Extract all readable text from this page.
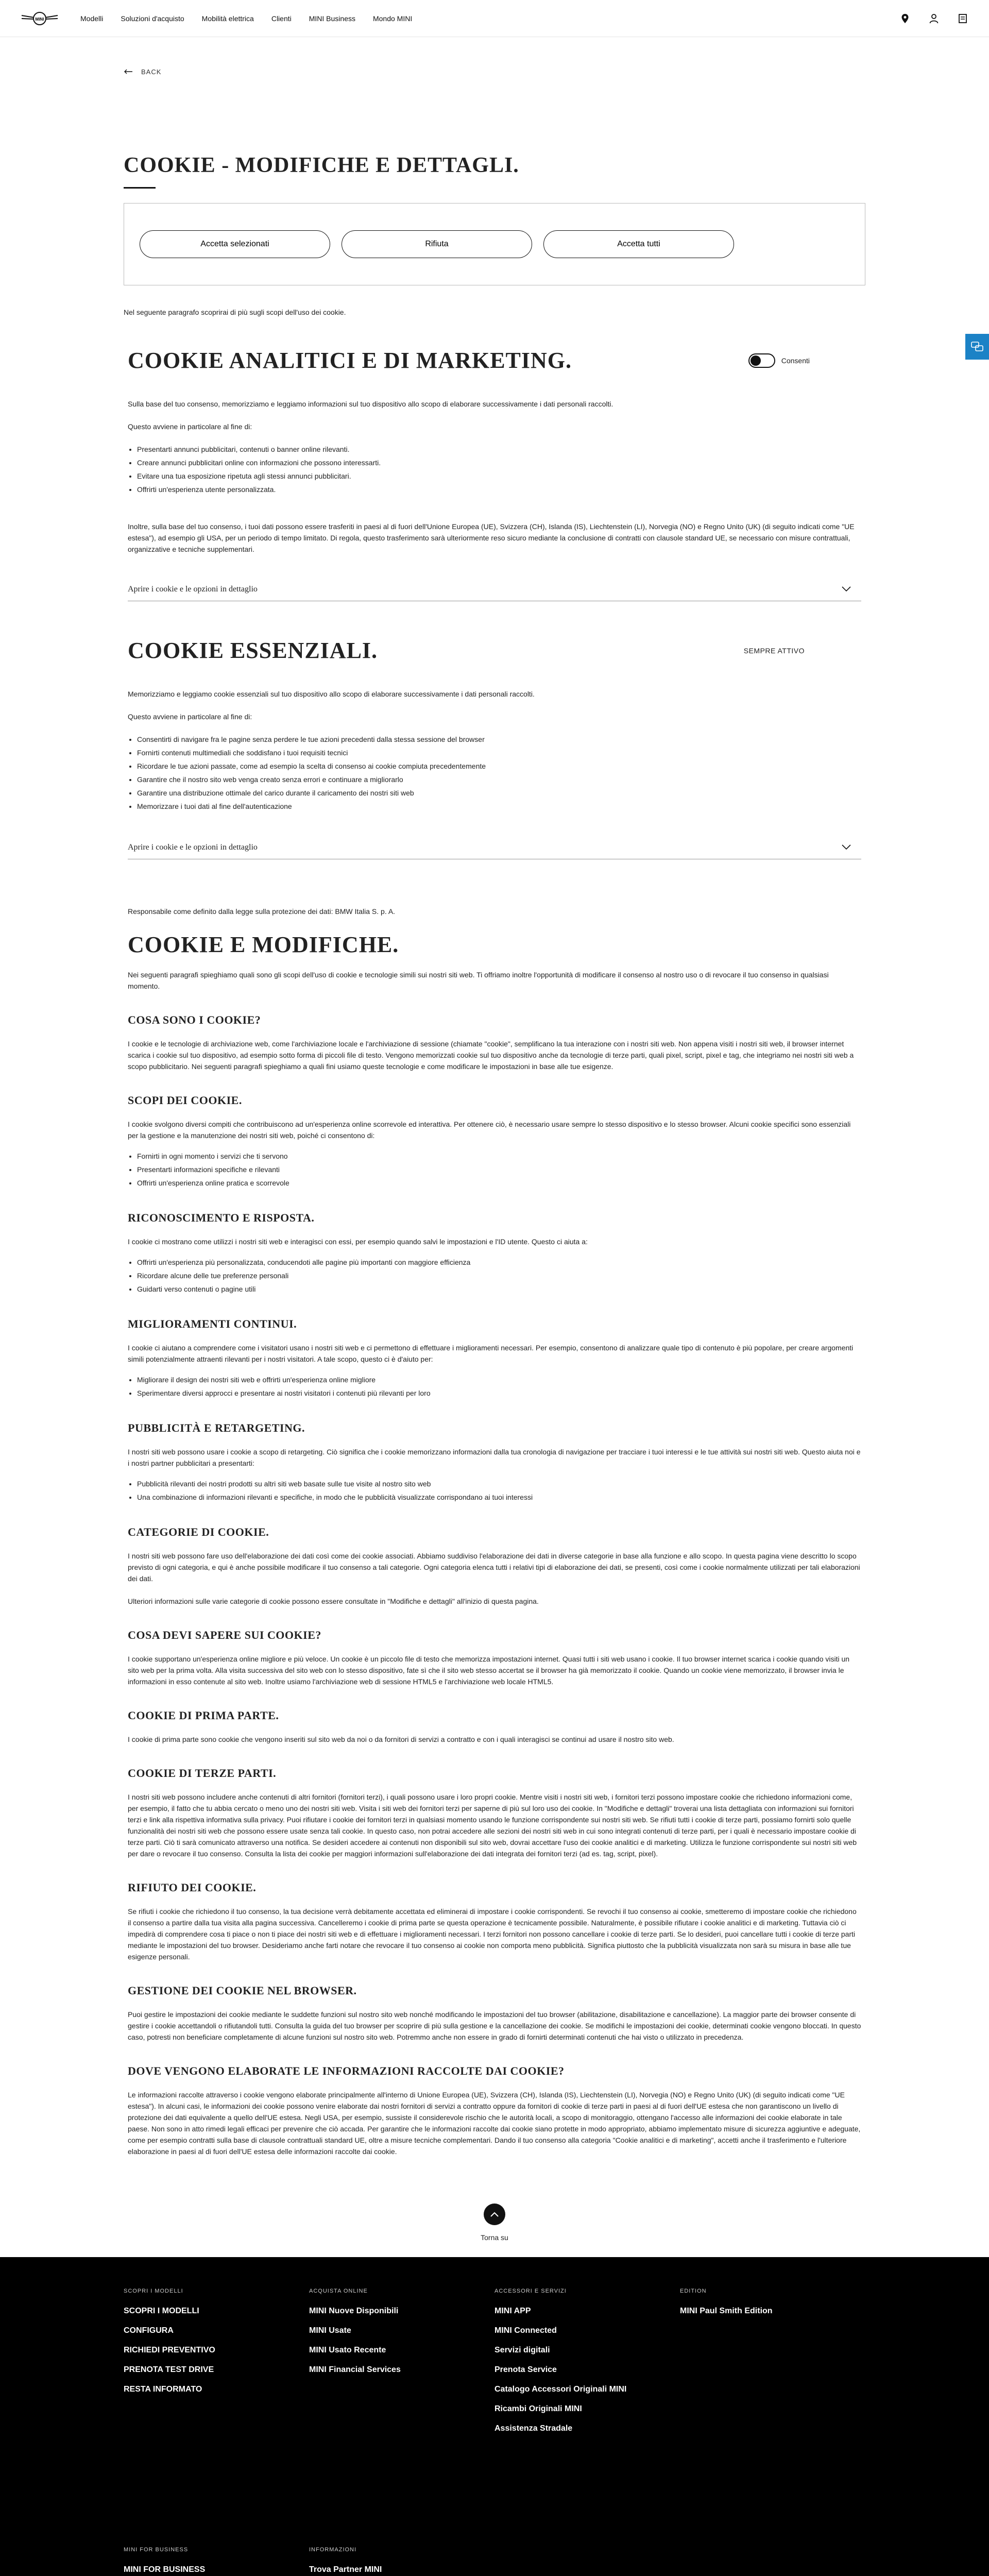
MINI	Modelli Soluzioni d'acquisto Mobilità elettrica Clienti MINI Business Mondo MINI
BACK
COOKIE - MODIFICHE E DETTAGLI.
Accetta selezionati	Rifiuta	Accetta tutti

Nel seguente paragrafo scoprirai di più sugli scopi dell'uso dei cookie.

COOKIE ANALITICI E DI MARKETING.	Consenti

Sulla base del tuo consenso, memorizziamo e leggiamo informazioni sul tuo dispositivo allo scopo di elaborare successivamente i dati personali raccolti.

Questo avviene in particolare al fine di:

• Presentarti annunci pubblicitari, contenuti o banner online rilevanti.
• Creare annunci pubblicitari online con informazioni che possono interessarti.
• Evitare una tua esposizione ripetuta agli stessi annunci pubblicitari.
• Offrirti un'esperienza utente personalizzata.

Inoltre, sulla base del tuo consenso, i tuoi dati possono essere trasferiti in paesi al di fuori dell'Unione Europea (UE), Svizzera (CH), Islanda (IS), Liechtenstein (LI), Norvegia (NO) e Regno Unito (UK) (di seguito indicati come "UE estesa"), ad esempio gli USA, per un periodo di tempo limitato. Di regola, questo trasferimento sarà ulteriormente reso sicuro mediante la conclusione di contratti con clausole standard UE, se necessario con misure contrattuali, organizzative e tecniche supplementari.

Aprire i cookie e le opzioni in dettaglio
COOKIE ESSENZIALI.	SEMPRE ATTIVO

Memorizziamo e leggiamo cookie essenziali sul tuo dispositivo allo scopo di elaborare successivamente i dati personali raccolti.

Questo avviene in particolare al fine di:

• Consentirti di navigare fra le pagine senza perdere le tue azioni precedenti dalla stessa sessione del browser
• Fornirti contenuti multimediali che soddisfano i tuoi requisiti tecnici
• Ricordare le tue azioni passate, come ad esempio la scelta di consenso ai cookie compiuta precedentemente
• Garantire che il nostro sito web venga creato senza errori e continuare a migliorarlo
• Garantire una distribuzione ottimale del carico durante il caricamento dei nostri siti web
• Memorizzare i tuoi dati al fine dell'autenticazione
Aprire i cookie e le opzioni in dettaglio

Responsabile come definito dalla legge sulla protezione dei dati: BMW Italia S. p. A.

COOKIE E MODIFICHE.

Nei seguenti paragrafi spieghiamo quali sono gli scopi dell'uso di cookie e tecnologie simili sui nostri siti web. Ti offriamo inoltre l'opportunità di modificare il consenso al nostro uso o di revocare il tuo consenso in qualsiasi momento.

COSA SONO I COOKIE?

I cookie e le tecnologie di archiviazione web, come l'archiviazione locale e l'archiviazione di sessione (chiamate "cookie", semplificano la tua interazione con i nostri siti web. Non appena visiti i nostri siti web, il browser internet scarica i cookie sul tuo dispositivo, ad esempio sotto forma di piccoli file di testo. Vengono memorizzati cookie sul tuo dispositivo anche da tecnologie di terze parti, quali pixel, script, pixel e tag, che integriamo nei nostri siti web a scopo pubblicitario. Nei seguenti paragrafi spieghiamo a quali fini usiamo queste tecnologie e come modificare le impostazioni in base alle tue esigenze.

SCOPI DEI COOKIE.

I cookie svolgono diversi compiti che contribuiscono ad un'esperienza online scorrevole ed interattiva. Per ottenere ciò, è necessario usare sempre lo stesso dispositivo e lo stesso browser. Alcuni cookie specifici sono essenziali per la gestione e la manutenzione dei nostri siti web, poiché ci consentono di:

• Fornirti in ogni momento i servizi che ti servono
• Presentarti informazioni specifiche e rilevanti
• Offrirti un'esperienza online pratica e scorrevole
RICONOSCIMENTO E RISPOSTA.

I cookie ci mostrano come utilizzi i nostri siti web e interagisci con essi, per esempio quando salvi le impostazioni e l'ID utente. Questo ci aiuta a:

• Offrirti un'esperienza più personalizzata, conducendoti alle pagine più importanti con maggiore efficienza
• Ricordare alcune delle tue preferenze personali
• Guidarti verso contenuti o pagine utili
MIGLIORAMENTI CONTINUI.

I cookie ci aiutano a comprendere come i visitatori usano i nostri siti web e ci permettono di effettuare i miglioramenti necessari. Per esempio, consentono di analizzare quale tipo di contenuto è più popolare, per creare argomenti simili potenzialmente attraenti rilevanti per i nostri visitatori. A tale scopo, questo ci è d'aiuto per:

• Migliorare il design dei nostri siti web e offrirti un'esperienza online migliore
• Sperimentare diversi approcci e presentare ai nostri visitatori i contenuti più rilevanti per loro
PUBBLICITÀ E RETARGETING.

I nostri siti web possono usare i cookie a scopo di retargeting. Ciò significa che i cookie memorizzano informazioni dalla tua cronologia di navigazione per tracciare i tuoi interessi e le tue attività sui nostri siti web. Questo aiuta noi e i nostri partner pubblicitari a presentarti:

• Pubblicità rilevanti dei nostri prodotti su altri siti web basate sulle tue visite al nostro sito web
• Una combinazione di informazioni rilevanti e specifiche, in modo che le pubblicità visualizzate corrispondano ai tuoi interessi
CATEGORIE DI COOKIE.

I nostri siti web possono fare uso dell'elaborazione dei dati così come dei cookie associati. Abbiamo suddiviso l'elaborazione dei dati in diverse categorie in base alla funzione e allo scopo. In questa pagina viene descritto lo scopo previsto di ogni categoria, e qui è anche possibile modificare il tuo consenso a tali categorie. Ogni categoria elenca tutti i relativi tipi di elaborazione dei dati, se presenti, così come i cookie normalmente utilizzati per tali elaborazioni dei dati.

Ulteriori informazioni sulle varie categorie di cookie possono essere consultate in "Modifiche e dettagli" all'inizio di questa pagina.

COSA DEVI SAPERE SUI COOKIE?

I cookie supportano un'esperienza online migliore e più veloce. Un cookie è un piccolo file di testo che memorizza impostazioni internet. Quasi tutti i siti web usano i cookie. Il tuo browser internet scarica i cookie quando visiti un sito web per la prima volta. Alla visita successiva del sito web con lo stesso dispositivo, fate sì che il sito web stesso accertat se il browser ha già memorizzato il cookie. Quando un cookie viene memorizzato, il browser invia le informazioni in esso contenute al sito web. Inoltre usiamo l'archiviazione web di sessione HTML5 e l'archiviazione web locale HTML5.

COOKIE DI PRIMA PARTE.

I cookie di prima parte sono cookie che vengono inseriti sul sito web da noi o da fornitori di servizi a contratto e con i quali interagisci se continui ad usare il nostro sito web.

COOKIE DI TERZE PARTI.

I nostri siti web possono includere anche contenuti di altri fornitori (fornitori terzi), i quali possono usare i loro propri cookie. Mentre visiti i nostri siti web, i fornitori terzi possono impostare cookie che richiedono informazioni come, per esempio, il fatto che tu abbia cercato o meno uno dei nostri siti web. Visita i siti web dei fornitori terzi per saperne di più sul loro uso dei cookie. In "Modifiche e dettagli" troverai una lista dettagliata con informazioni sui fornitori terzi e link alla rispettiva informativa sulla privacy. Puoi rifiutare i cookie dei fornitori terzi in qualsiasi momento usando le funzione corrispondente sui nostri siti web. Se rifiuti tutti i cookie di terze parti, possiamo fornirti solo quelle funzionalità dei nostri siti web che possono essere usate senza tali cookie. In questo caso, non potrai accedere alle sezioni dei nostri siti web in cui sono integrati contenuti di terze parti, per i quali è necessario impostare cookie di terze parti. Ciò ti sarà comunicato attraverso una notifica. Se desideri accedere ai contenuti non disponibili sul sito web, dovrai accettare l'uso dei cookie analitici e di marketing. Utilizza le funzione corrispondente sui nostri siti web per dare o revocare il tuo consenso. Consulta la lista dei cookie per maggiori informazioni sull'elaborazione dei dati integrata dei fornitori terzi (ad es. tag, script, pixel).

RIFIUTO DEI COOKIE.

Se rifiuti i cookie che richiedono il tuo consenso, la tua decisione verrà debitamente accettata ed eliminerai di impostare i cookie corrispondenti. Se revochi il tuo consenso ai cookie, smetteremo di impostare cookie che richiedono il consenso a partire dalla tua visita alla pagina successiva. Cancelleremo i cookie di prima parte se questa operazione è tecnicamente possibile. Naturalmente, è possibile rifiutare i cookie analitici e di marketing. Tuttavia ciò ci impedirà di comprendere cosa ti piace o non ti piace dei nostri siti web e di effettuare i miglioramenti necessari. I terzi fornitori non possono cancellare i cookie di terze parti. Se lo desideri, puoi cancellare tutti i cookie di terze parti mediante le impostazioni del tuo browser. Desideriamo anche farti notare che revocare il tuo consenso ai cookie non comporta meno pubblicità. Significa piuttosto che la pubblicità visualizzata non sarà su misura in base alle tue esigenze personali.

GESTIONE DEI COOKIE NEL BROWSER.

Puoi gestire le impostazioni dei cookie mediante le suddette funzioni sul nostro sito web nonché modificando le impostazioni del tuo browser (abilitazione, disabilitazione e cancellazione). La maggior parte dei browser consente di gestire i cookie accettandoli o rifiutandoli tutti. Consulta la guida del tuo browser per scoprire di più sulla gestione e la cancellazione dei cookie. Se modifichi le impostazioni dei cookie, determinati cookie vengono bloccati. In questo caso, potresti non beneficiare completamente di alcune funzioni sul nostro sito web. Potremmo anche non essere in grado di fornirti determinati contenuti che hai visto o utilizzato in precedenza.

DOVE VENGONO ELABORATE LE INFORMAZIONI RACCOLTE DAI COOKIE?

Le informazioni raccolte attraverso i cookie vengono elaborate principalmente all'interno di Unione Europea (UE), Svizzera (CH), Islanda (IS), Liechtenstein (LI), Norvegia (NO) e Regno Unito (UK) (di seguito indicati come "UE estesa"). In alcuni casi, le informazioni dei cookie possono venire elaborate dai nostri fornitori di servizi a contratto oppure da fornitori di cookie di terze parti in paesi al di fuori dell'UE estesa che non garantiscono un livello di protezione dei dati equivalente a quello dell'UE estesa. Negli USA, per esempio, sussiste il considerevole rischio che le autorità locali, a scopo di monitoraggio, ottengano l'accesso alle informazioni dei cookie elaborate in tale paese. Non sono in atto rimedi legali efficaci per prevenire che ciò accada. Per garantire che le informazioni raccolte dai cookie siano protette in modo appropriato, abbiamo implementato misure di sicurezza aggiuntive e adeguate, come per esempio contratti sulla base di clausole contrattuali standard UE, oltre a misure tecniche complementari. Dando il tuo consenso alla categoria "Cookie analitici e di marketing", accetti anche il trasferimento e l'ulteriore elaborazione in paesi al di fuori dell'UE estesa delle informazioni raccolte dai cookie.

Torna su
SCOPRI I MODELLI
SCOPRI I MODELLI
CONFIGURA
RICHIEDI PREVENTIVO
PRENOTA TEST DRIVE
RESTA INFORMATO
ACQUISTA ONLINE
MINI Nuove Disponibili
MINI Usate
MINI Usato Recente
MINI Financial Services
ACCESSORI E SERVIZI
MINI APP
MINI Connected
Servizi digitali
Prenota Service
Catalogo Accessori Originali MINI
Ricambi Originali MINI
Assistenza Stradale
EDITION
MINI Paul Smith Edition
MINI FOR BUSINESS
MINI FOR BUSINESS
INFORMAZIONI
Trova Partner MINI
